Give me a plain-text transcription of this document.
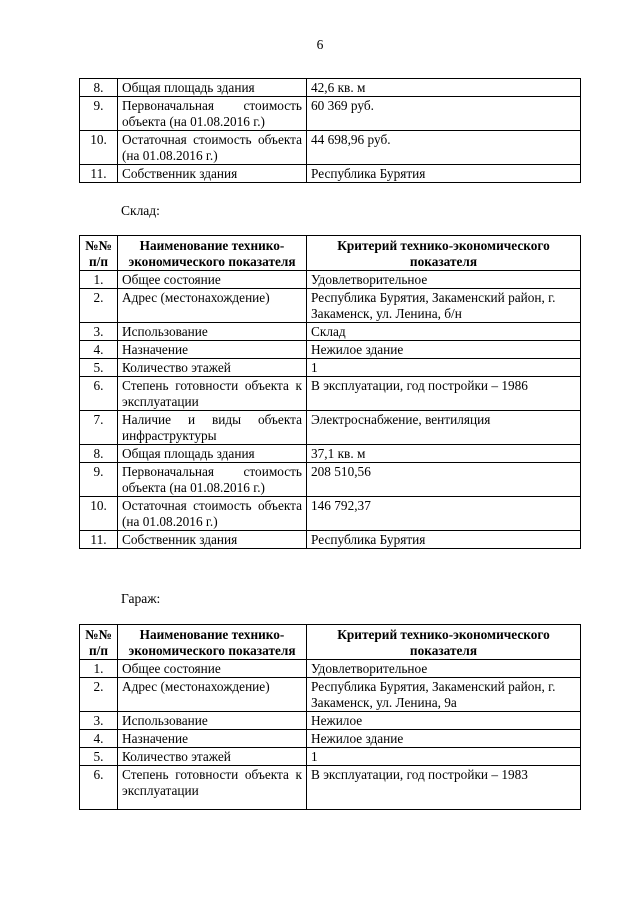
6
8.	Общая площадь здания	42,6 кв. м
9.	Первоначальная стоимость объекта (на 01.08.2016 г.)	60 369 руб.
10.	Остаточная стоимость объекта (на 01.08.2016 г.)	44 698,96 руб.
11.	Собственник здания	Республика Бурятия
Склад:
№№ п/п	Наименование технико-экономического показателя	Критерий технико-экономического показателя
1.	Общее состояние	Удовлетворительное
2.	Адрес (местонахождение)	Республика Бурятия, Закаменский район, г. Закаменск, ул. Ленина, б/н
3.	Использование	Склад
4.	Назначение	Нежилое здание
5.	Количество этажей	1
6.	Степень готовности объекта к эксплуатации	В эксплуатации, год постройки – 1986
7.	Наличие и виды объекта инфраструктуры	Электроснабжение, вентиляция
8.	Общая площадь здания	37,1 кв. м
9.	Первоначальная стоимость объекта (на 01.08.2016 г.)	208 510,56
10.	Остаточная стоимость объекта (на 01.08.2016 г.)	146 792,37
11.	Собственник здания	Республика Бурятия
Гараж:
№№ п/п	Наименование технико-экономического показателя	Критерий технико-экономического показателя
1.	Общее состояние	Удовлетворительное
2.	Адрес (местонахождение)	Республика Бурятия, Закаменский район, г. Закаменск, ул. Ленина, 9а
3.	Использование	Нежилое
4.	Назначение	Нежилое здание
5.	Количество этажей	1
6.	Степень готовности объекта к эксплуатации	В эксплуатации, год постройки – 1983
